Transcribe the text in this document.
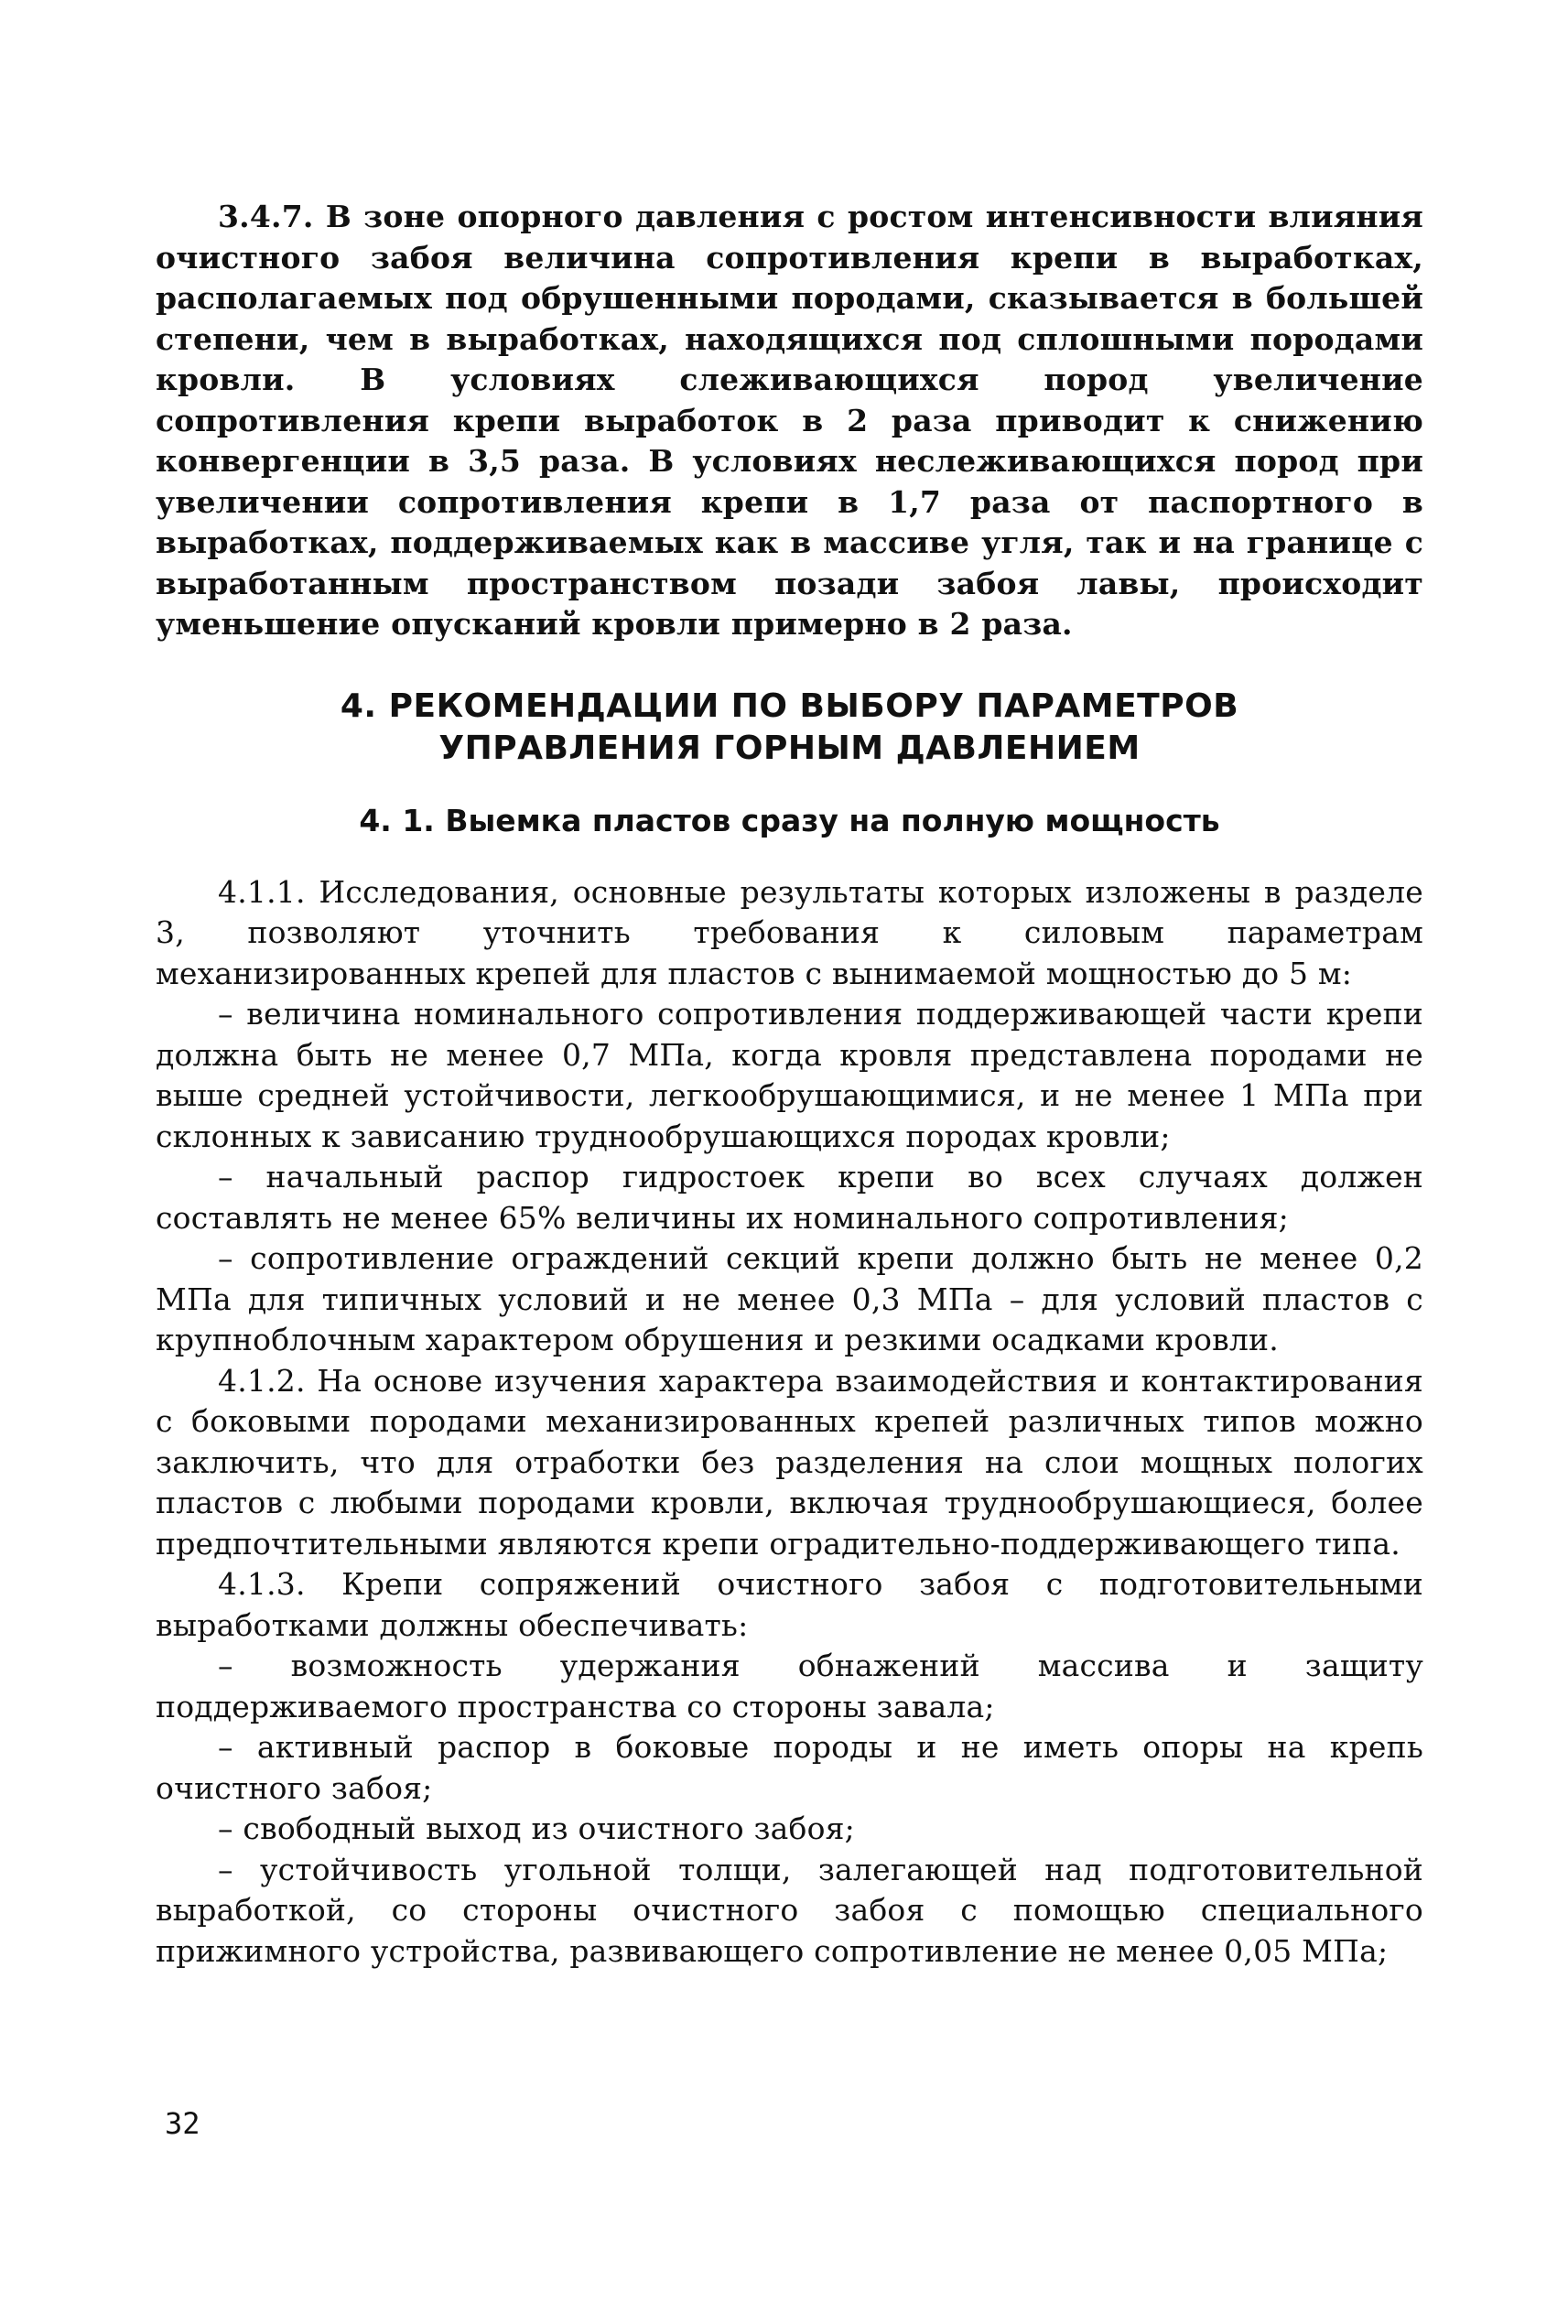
3.4.7. В зоне опорного давления с ростом интенсивности влияния очистного забоя величина сопротивления крепи в выработках, располагаемых под обрушенными породами, сказывается в большей степени, чем в выработках, находящихся под сплошными породами кровли. В условиях слеживающихся пород увеличение сопротивления крепи выработок в 2 раза приводит к снижению конвергенции в 3,5 раза. В условиях неслеживающихся пород при увеличении сопротивления крепи в 1,7 раза от паспортного в выработках, поддерживаемых как в массиве угля, так и на границе с выработанным пространством позади забоя лавы, происходит уменьшение опусканий кровли примерно в 2 раза.

4. РЕКОМЕНДАЦИИ ПО ВЫБОРУ ПАРАМЕТРОВ
УПРАВЛЕНИЯ ГОРНЫМ ДАВЛЕНИЕМ
4. 1. Выемка пластов сразу на полную мощность

4.1.1. Исследования, основные результаты которых изложены в разделе 3, позволяют уточнить требования к силовым параметрам механизированных крепей для пластов с вынимаемой мощностью до 5 м:

– величина номинального сопротивления поддерживающей части крепи должна быть не менее 0,7 МПа, когда кровля представлена породами не выше средней устойчивости, легкообрушающимися, и не менее 1 МПа при склонных к зависанию труднообрушающихся породах кровли;

– начальный распор гидростоек крепи во всех случаях должен составлять не менее 65% величины их номинального сопротивления;

– сопротивление ограждений секций крепи должно быть не менее 0,2 МПа для типичных условий и не менее 0,3 МПа – для условий пластов с крупноблочным характером обрушения и резкими осадками кровли.

4.1.2. На основе изучения характера взаимодействия и контактирования с боковыми породами механизированных крепей различных типов можно заключить, что для отработки без разделения на слои мощных пологих пластов с любыми породами кровли, включая труднообрушающиеся, более предпочтительными являются крепи оградительно-поддерживающего типа.

4.1.3. Крепи сопряжений очистного забоя с подготовительными выработками должны обеспечивать:

– возможность удержания обнажений массива и защиту поддерживаемого пространства со стороны завала;

– активный распор в боковые породы и не иметь опоры на крепь очистного забоя;

– свободный выход из очистного забоя;

– устойчивость угольной толщи, залегающей над подготовительной выработкой, со стороны очистного забоя с помощью специального прижимного устройства, развивающего сопротивление не менее 0,05 МПа;

32
